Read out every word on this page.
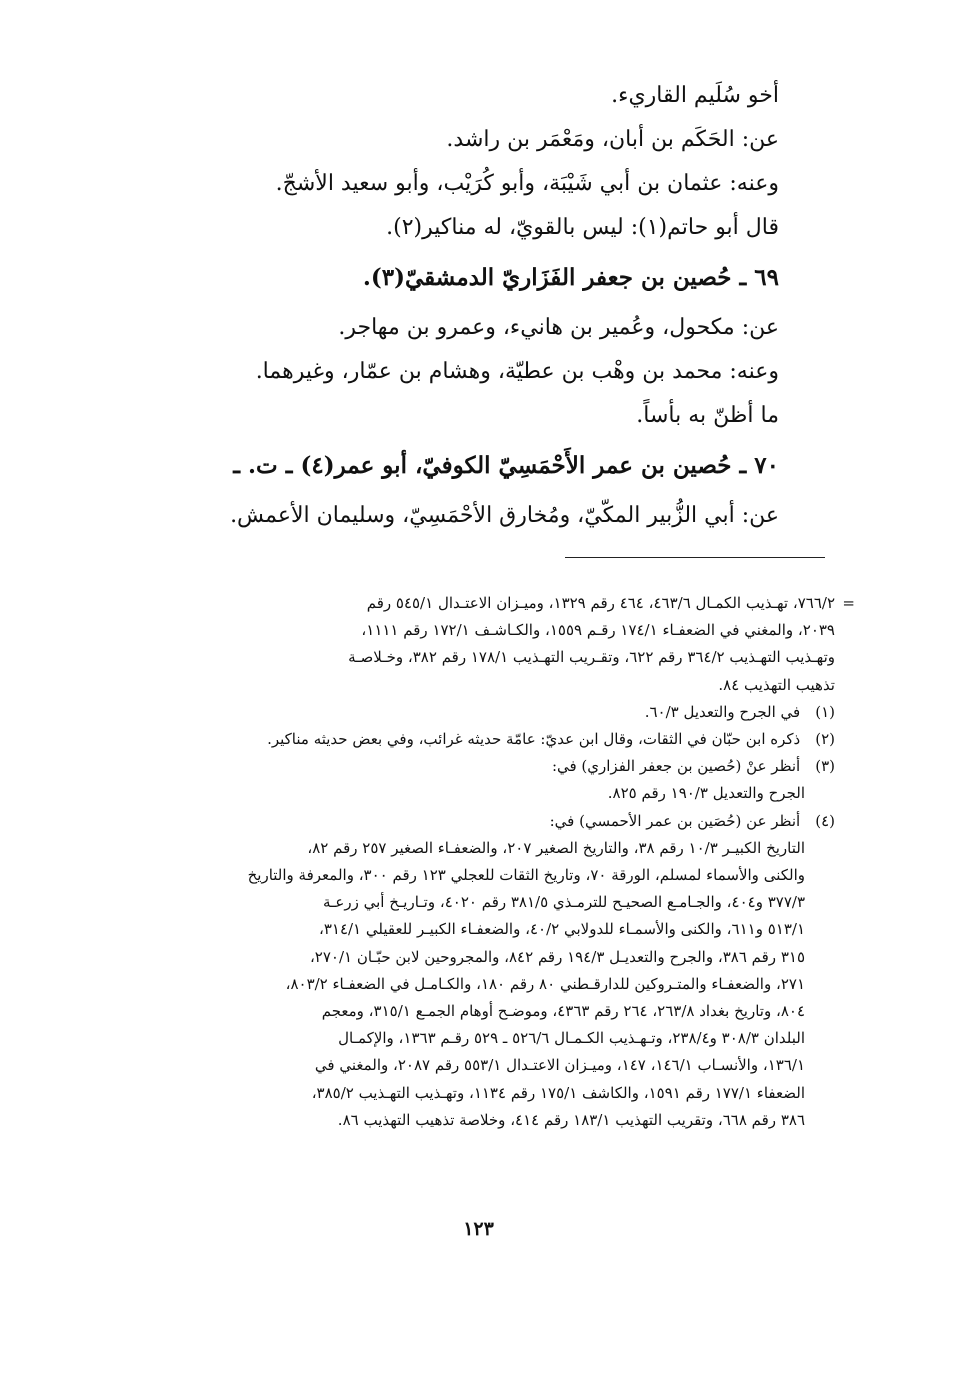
أخو سُلَيم القاريء.

عن: الحَكَم بن أبان، ومَعْمَر بن راشد.

وعنه: عثمان بن أبي شَيْبَة، وأبو كُرَيْب، وأبو سعيد الأشجّ.

قال أبو حاتم(١): ليس بالقويّ، له مناكير(٢).

٦٩ ـ حُصين بن جعفر الفَزَاريّ الدمشقيّ(٣).

عن: مكحول، وعُمير بن هانيء، وعمرو بن مهاجر.

وعنه: محمد بن وهْب بن عطيّة، وهشام بن عمّار، وغيرهما.

ما أظنّ به بأساً.

٧٠ ـ حُصين بن عمر الأَحْمَسِيّ الكوفيّ، أبو عمر(٤) ـ ت. ـ

عن: أبي الزُّبير المكّيّ، ومُخارق الأحْمَسِيّ، وسليمان الأعمش.

=

٧٦٦/٢، تهـذيب الكمـال ٤٦٣/٦، ٤٦٤ رقم ١٣٢٩، وميـزان الاعتـدال ٥٤٥/١ رقم

٢٠٣٩، والمغني في الضعفـاء ١٧٤/١ رقـم ١٥٥٩، والكـاشـف ١٧٢/١ رقم ١١١١،

وتهـذيب التهـذيب ٣٦٤/٢ رقم ٦٢٢، وتقـريب التهـذيب ١٧٨/١ رقم ٣٨٢، وخـلاصـة

تذهيب التهذيب ٨٤.

(١) في الجرح والتعديل ٦٠/٣.

(٢) ذكره ابن حبّان في الثقات، وقال ابن عديّ: عامّة حديثه غرائب، وفي بعض حديثه مناكير.

(٣) أنظر عنْ (حُصين بن جعفر الفزاري) في:

الجرح والتعديل ١٩٠/٣ رقم ٨٢٥.

(٤) أنظر عن (حُصَين بن عمر الأحمسي) في:

التاريخ الكبيـر ١٠/٣ رقم ٣٨، والتاريخ الصغير ٢٠٧، والضعفـاء الصغير ٢٥٧ رقم ٨٢،

والكنى والأسماء لمسلم، الورقة ٧٠، وتاريخ الثقات للعجلي ١٢٣ رقم ٣٠٠، والمعرفة والتاريخ

٣٧٧/٣ و٤٠٤، والجـامـع الصحيـح للترمـذي ٣٨١/٥ رقم ٤٠٢٠، وتـاريـخ أبي زرعـة

٥١٣/١ و٦١١، والكنى والأسمـاء للدولابي ٤٠/٢، والضعفـاء الكبيـر للعقيلي ٣١٤/١،

٣١٥ رقم ٣٨٦، والجرح والتعديـل ١٩٤/٣ رقم ٨٤٢، والمجروحين لابن حبّـان ٢٧٠/١،

٢٧١، والضعفـاء والمتـروكين للدارقـطني ٨٠ رقم ١٨٠، والكـامـل في الضعفـاء ٨٠٣/٢،

٨٠٤، وتاريخ بغداد ٢٦٣/٨، ٢٦٤ رقم ٤٣٦٣، وموضـح أوهام الجمـع ٣١٥/١، ومعجم

البلدان ٣٠٨/٣ و٢٣٨/٤، وتـهـذيب الكـمـال ٥٢٦/٦ ـ ٥٢٩ رقـم ١٣٦٣، والإكمـال

١٣٦/١، والأنسـاب ١٤٦/١، ١٤٧، وميـزان الاعتـدال ٥٥٣/١ رقم ٢٠٨٧، والمغني في

الضعفاء ١٧٧/١ رقم ١٥٩١، والكاشف ١٧٥/١ رقم ١١٣٤، وتهـذيب التهـذيب ٣٨٥/٢،

٣٨٦ رقم ٦٦٨، وتقريب التهذيب ١٨٣/١ رقم ٤١٤، وخلاصة تذهيب التهذيب ٨٦.

١٢٣
